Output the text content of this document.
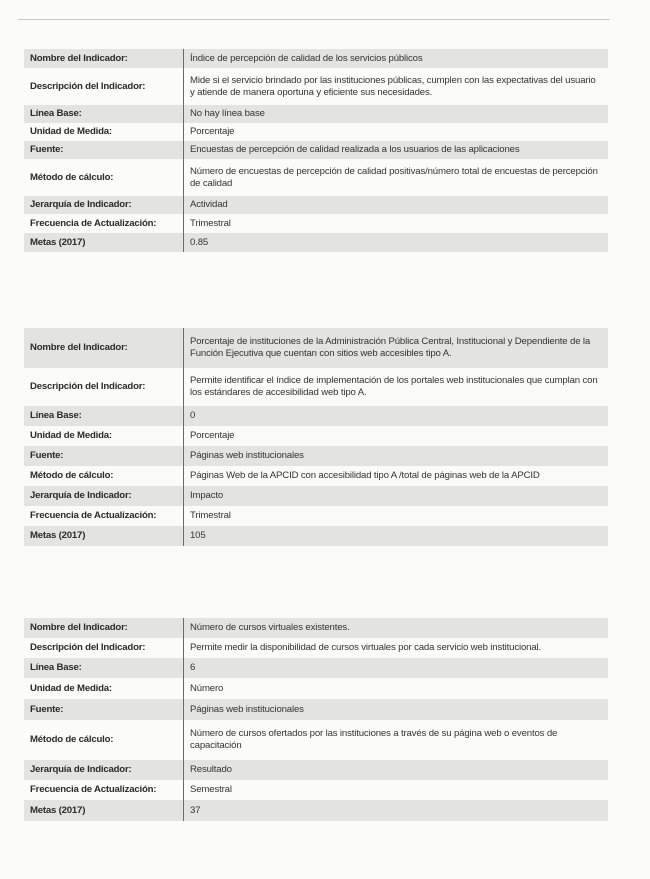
Nombre del Indicador:	Índice de percepción de calidad de los servicios públicos
Descripción del Indicador:	Mide si el servicio brindado por las instituciones públicas, cumplen con las expectativas del usuario y atiende de manera oportuna y eficiente sus necesidades.
Línea Base:	No hay línea base
Unidad de Medida:	Porcentaje
Fuente:	Encuestas de percepción de calidad realizada a los usuarios de las aplicaciones
Método de cálculo:	Número de encuestas de percepción de calidad positivas/número total de encuestas de percepción de calidad
Jerarquía de Indicador:	Actividad
Frecuencia de Actualización:	Trimestral
Metas (2017)	0.85
Nombre del Indicador:	Porcentaje de instituciones de la Administración Pública Central, Institucional y Dependiente de la Función Ejecutiva que cuentan con sitios web accesibles tipo A.
Descripción del Indicador:	Permite identificar el índice de implementación de los portales web institucionales que cumplan con los estándares de accesibilidad web tipo A.
Línea Base:	0
Unidad de Medida:	Porcentaje
Fuente:	Páginas web institucionales
Método de cálculo:	Páginas Web de la APCID con accesibilidad tipo A /total de páginas web de la APCID
Jerarquía de Indicador:	Impacto
Frecuencia de Actualización:	Trimestral
Metas (2017)	105
Nombre del Indicador:	Número de cursos virtuales existentes.
Descripción del Indicador:	Permite medir la disponibilidad de cursos virtuales por cada servicio web institucional.
Línea Base:	6
Unidad de Medida:	Número
Fuente:	Páginas web institucionales
Método de cálculo:	Número de cursos ofertados por las instituciones a través de su página web o eventos de capacitación
Jerarquía de Indicador:	Resultado
Frecuencia de Actualización:	Semestral
Metas (2017)	37
